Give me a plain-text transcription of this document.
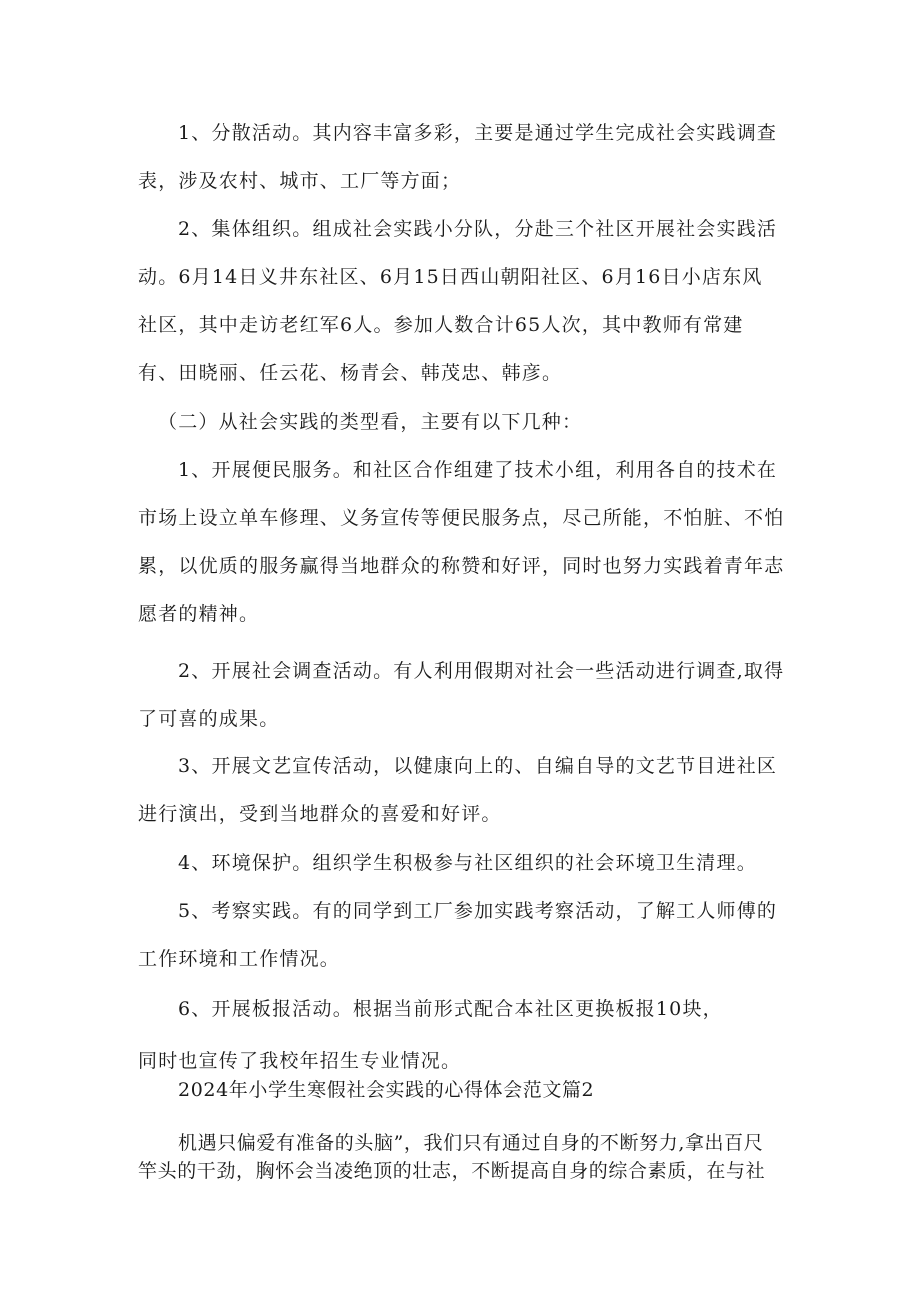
1、分散活动。其内容丰富多彩，主要是通过学生完成社会实践调查
表，涉及农村、城市、工厂等方面；
2、集体组织。组成社会实践小分队，分赴三个社区开展社会实践活
动。6月14日义井东社区、6月15日西山朝阳社区、6月16日小店东风
社区，其中走访老红军6人。参加人数合计65人次，其中教师有常建
有、田晓丽、任云花、杨青会、韩茂忠、韩彦。
（二）从社会实践的类型看，主要有以下几种：
1、开展便民服务。和社区合作组建了技术小组，利用各自的技术在
市场上设立单车修理、义务宣传等便民服务点，尽己所能，不怕脏、不怕
累，以优质的服务赢得当地群众的称赞和好评，同时也努力实践着青年志
愿者的精神。
2、开展社会调查活动。有人利用假期对社会一些活动进行调查,取得
了可喜的成果。
3、开展文艺宣传活动，以健康向上的、自编自导的文艺节目进社区
进行演出，受到当地群众的喜爱和好评。
4、环境保护。组织学生积极参与社区组织的社会环境卫生清理。
5、考察实践。有的同学到工厂参加实践考察活动，了解工人师傅的
工作环境和工作情况。
6、开展板报活动。根据当前形式配合本社区更换板报10块，
同时也宣传了我校年招生专业情况。
2024年小学生寒假社会实践的心得体会范文篇2
机遇只偏爱有准备的头脑”，我们只有通过自身的不断努力,拿出百尺
竿头的干劲，胸怀会当凌绝顶的壮志，不断提高自身的综合素质，在与社
